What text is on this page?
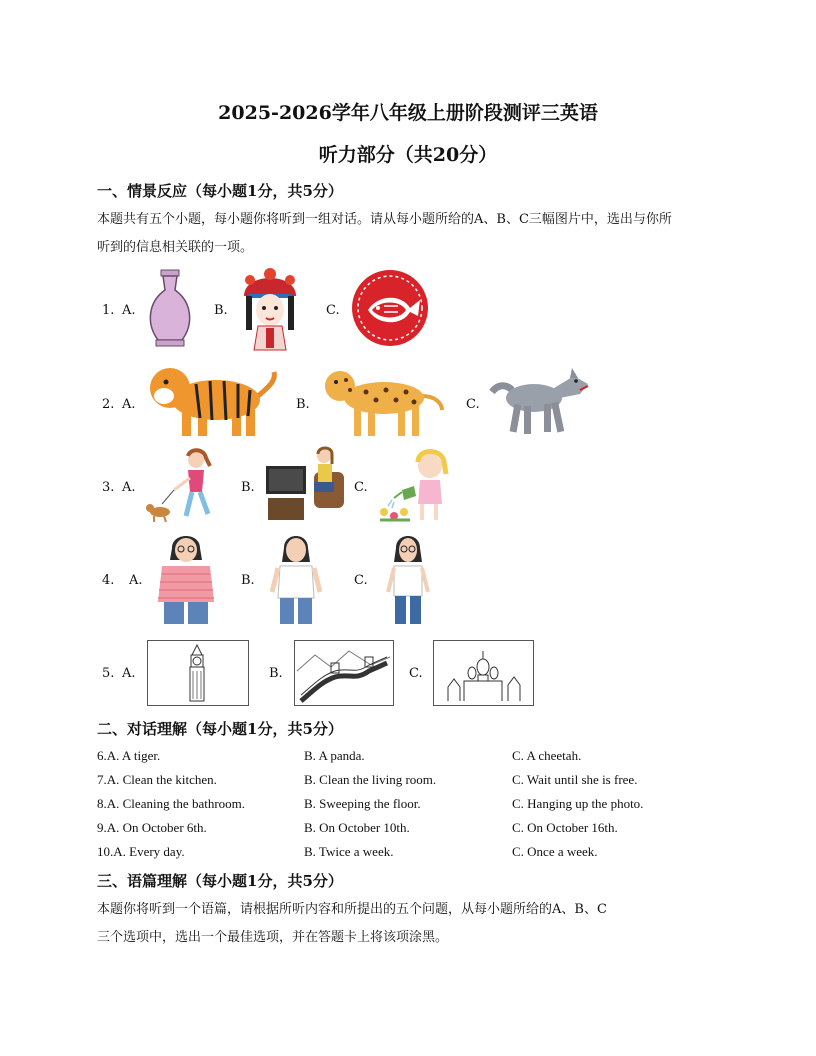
2025-2026学年八年级上册阶段测评三英语
听力部分（共20分）
一、情景反应（每小题1分，共5分）
本题共有五个小题，每小题你将听到一组对话。请从每小题所给的A、B、C三幅图片中，选出与你所
听到的信息相关联的一项。
1. A.	B.	C.
2. A.	B.	C.
3. A.	B.	C.
4. A.	B.	C.
5. A.	B.	C.
二、对话理解（每小题1分，共5分）
6.A. A tiger.	B. A panda.	C. A cheetah.
7.A. Clean the kitchen.	B. Clean the living room.	C. Wait until she is free.
8.A. Cleaning the bathroom.	B. Sweeping the floor.	C. Hanging up the photo.
9.A. On October 6th.	B. On October 10th.	C. On October 16th.
10.A. Every day.	B. Twice a week.	C. Once a week.
三、语篇理解（每小题1分，共5分）
本题你将听到一个语篇，请根据所听内容和所提出的五个问题，从每小题所给的A、B、C
三个选项中，选出一个最佳选项，并在答题卡上将该项涂黑。
